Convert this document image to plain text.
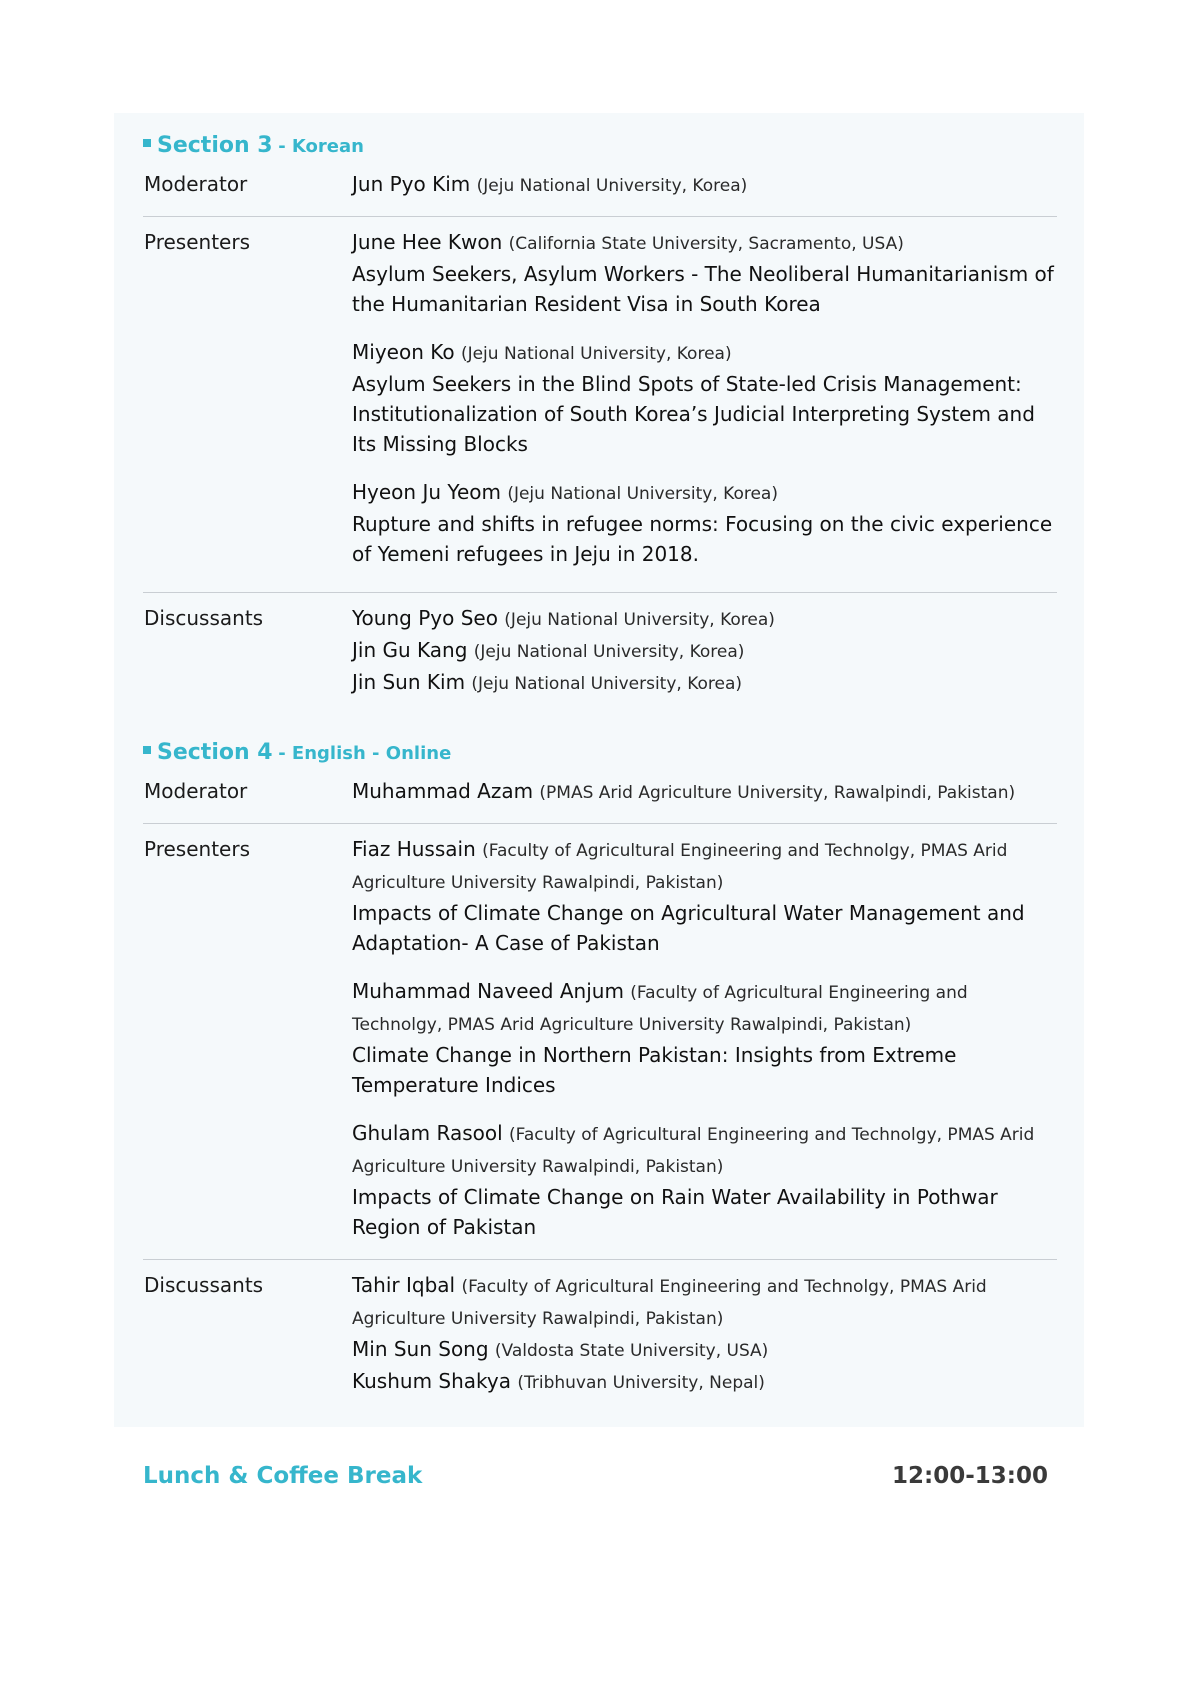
Section 3 - Korean
Moderator	Jun Pyo Kim (Jeju National University, Korea)
Presenters	June Hee Kwon (California State University, Sacramento, USA)
Asylum Seekers, Asylum Workers - The Neoliberal Humanitarianism of the Humanitarian Resident Visa in South Korea
Miyeon Ko (Jeju National University, Korea)
Asylum Seekers in the Blind Spots of State-led Crisis Management: Institutionalization of South Korea’s Judicial Interpreting System and Its Missing Blocks
Hyeon Ju Yeom (Jeju National University, Korea)
Rupture and shifts in refugee norms: Focusing on the civic experience of Yemeni refugees in Jeju in 2018.
Discussants	Young Pyo Seo (Jeju National University, Korea)
Jin Gu Kang (Jeju National University, Korea)
Jin Sun Kim (Jeju National University, Korea)
Section 4 - English - Online
Moderator	Muhammad Azam (PMAS Arid Agriculture University, Rawalpindi, Pakistan)
Presenters	Fiaz Hussain (Faculty of Agricultural Engineering and Technolgy, PMAS Arid Agriculture University Rawalpindi, Pakistan)
Impacts of Climate Change on Agricultural Water Management and Adaptation- A Case of Pakistan
Muhammad Naveed Anjum (Faculty of Agricultural Engineering and Technolgy, PMAS Arid Agriculture University Rawalpindi, Pakistan)
Climate Change in Northern Pakistan: Insights from Extreme Temperature Indices
Ghulam Rasool (Faculty of Agricultural Engineering and Technolgy, PMAS Arid Agriculture University Rawalpindi, Pakistan)
Impacts of Climate Change on Rain Water Availability in Pothwar Region of Pakistan
Discussants	Tahir Iqbal (Faculty of Agricultural Engineering and Technolgy, PMAS Arid Agriculture University Rawalpindi, Pakistan)
Min Sun Song (Valdosta State University, USA)
Kushum Shakya (Tribhuvan University, Nepal)
Lunch & Coffee Break	12:00-13:00
